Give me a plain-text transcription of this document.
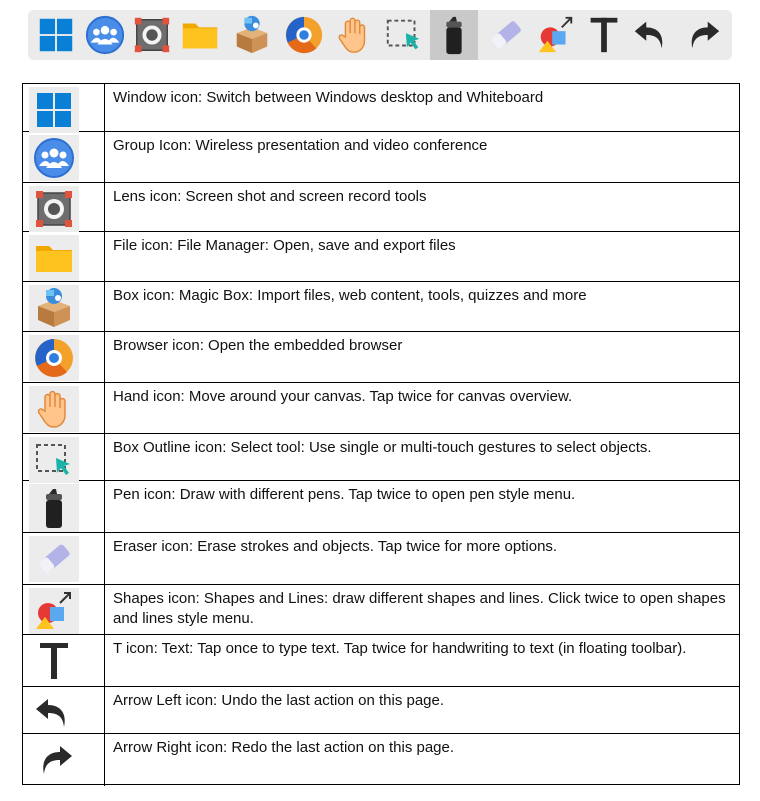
Window icon: Switch between Windows desktop and Whiteboard
Group Icon: Wireless presentation and video conference
Lens icon: Screen shot and screen record tools
File icon: File Manager: Open, save and export files
Box icon: Magic Box: Import files, web content, tools, quizzes and more
Browser icon: Open the embedded browser
Hand icon: Move around your canvas. Tap twice for canvas overview.
Box Outline icon: Select tool: Use single or multi-touch gestures to select objects.
Pen icon: Draw with different pens. Tap twice to open pen style menu.
Eraser icon: Erase strokes and objects. Tap twice for more options.
Shapes icon: Shapes and Lines: draw different shapes and lines. Click twice to open shapes and lines style menu.
T icon: Text: Tap once to type text. Tap twice for handwriting to text (in floating toolbar).
Arrow Left icon: Undo the last action on this page.
Arrow Right icon: Redo the last action on this page.
